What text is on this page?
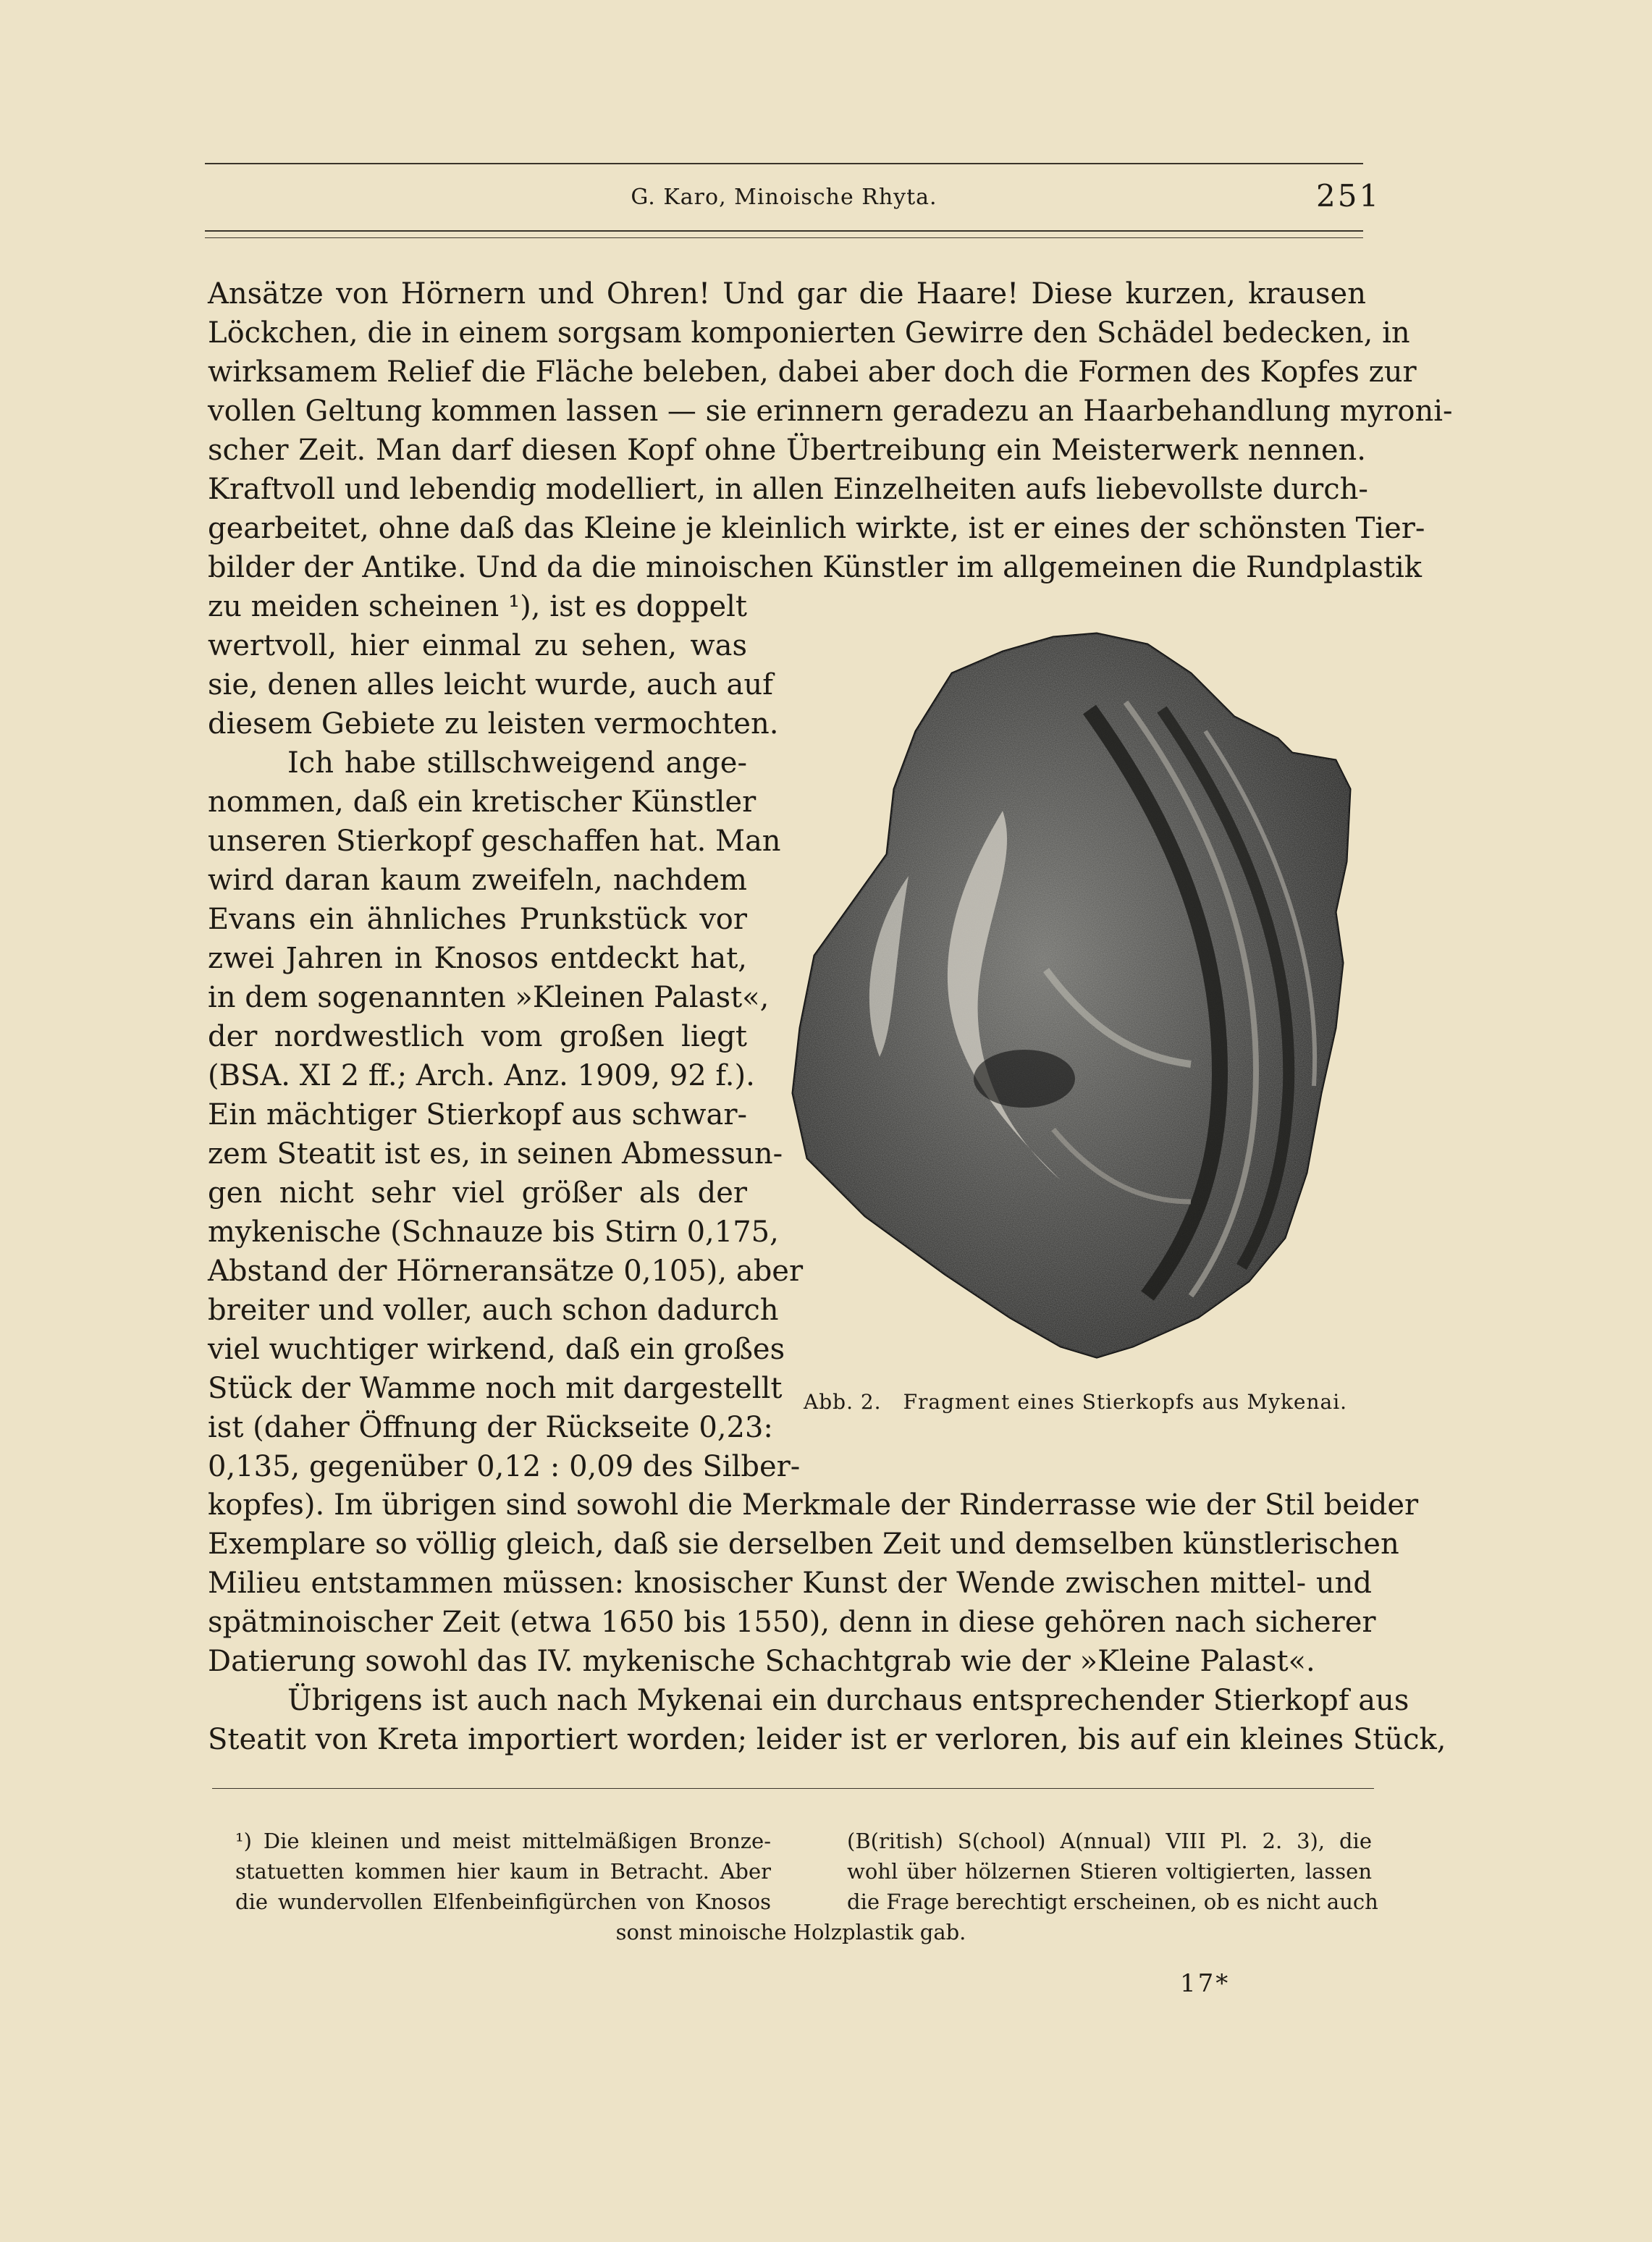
G. Karo, Minoische Rhyta.	251
Ansätze von Hörnern und Ohren! Und gar die Haare! Diese kurzen, krausen
Löckchen, die in einem sorgsam komponierten Gewirre den Schädel bedecken, in
wirksamem Relief die Fläche beleben, dabei aber doch die Formen des Kopfes zur
vollen Geltung kommen lassen — sie erinnern geradezu an Haarbehandlung myroni-
scher Zeit. Man darf diesen Kopf ohne Übertreibung ein Meisterwerk nennen.
Kraftvoll und lebendig modelliert, in allen Einzelheiten aufs liebevollste durch-
gearbeitet, ohne daß das Kleine je kleinlich wirkte, ist er eines der schönsten Tier-
bilder der Antike. Und da die minoischen Künstler im allgemeinen die Rundplastik
zu meiden scheinen ¹), ist es doppelt
wertvoll, hier einmal zu sehen, was
sie, denen alles leicht wurde, auch auf
diesem Gebiete zu leisten vermochten.
Ich habe stillschweigend ange-
nommen, daß ein kretischer Künstler
unseren Stierkopf geschaffen hat. Man
wird daran kaum zweifeln, nachdem
Evans ein ähnliches Prunkstück vor
zwei Jahren in Knosos entdeckt hat,
in dem sogenannten »Kleinen Palast«,
der nordwestlich vom großen liegt
(BSA. XI 2 ff.; Arch. Anz. 1909, 92 f.).
Ein mächtiger Stierkopf aus schwar-
zem Steatit ist es, in seinen Abmessun-
gen nicht sehr viel größer als der
mykenische (Schnauze bis Stirn 0,175,
Abstand der Hörneransätze 0,105), aber
breiter und voller, auch schon dadurch
viel wuchtiger wirkend, daß ein großes
Stück der Wamme noch mit dargestellt
ist (daher Öffnung der Rückseite 0,23:
0,135, gegenüber 0,12 : 0,09 des Silber-
Abb. 2. Fragment eines Stierkopfs aus Mykenai.
kopfes). Im übrigen sind sowohl die Merkmale der Rinderrasse wie der Stil beider
Exemplare so völlig gleich, daß sie derselben Zeit und demselben künstlerischen
Milieu entstammen müssen: knosischer Kunst der Wende zwischen mittel- und
spätminoischer Zeit (etwa 1650 bis 1550), denn in diese gehören nach sicherer
Datierung sowohl das IV. mykenische Schachtgrab wie der »Kleine Palast«.
Übrigens ist auch nach Mykenai ein durchaus entsprechender Stierkopf aus
Steatit von Kreta importiert worden; leider ist er verloren, bis auf ein kleines Stück,
¹) Die kleinen und meist mittelmäßigen Bronze-
statuetten kommen hier kaum in Betracht. Aber
die wundervollen Elfenbeinfigürchen von Knosos
(B(ritish) S(chool) A(nnual) VIII Pl. 2. 3), die
wohl über hölzernen Stieren voltigierten, lassen
die Frage berechtigt erscheinen, ob es nicht auch
sonst minoische Holzplastik gab.
17*
